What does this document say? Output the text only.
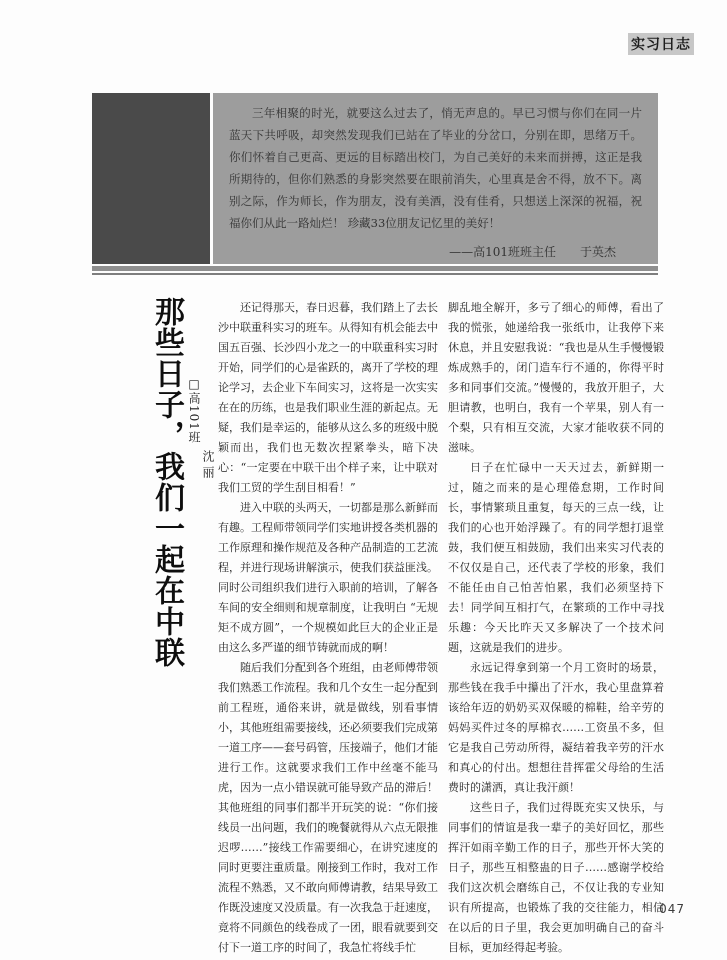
实习日志

三年相聚的时光，就要这么过去了，悄无声息的。早已习惯与你们在同一片蓝天下共呼吸，却突然发现我们已站在了毕业的分岔口，分别在即，思绪万千。你们怀着自己更高、更远的目标踏出校门，为自己美好的未来而拼搏，这正是我所期待的，但你们熟悉的身影突然要在眼前消失，心里真是舍不得，放不下。离别之际，作为师长，作为朋友，没有美酒，没有佳肴，只想送上深深的祝福，祝福你们从此一路灿烂！ 珍藏33位朋友记忆里的美好！

——高101班班主任　　于英杰

那些日子，我们一起在中联 □高101班
沈丽

还记得那天，春日迟暮，我们踏上了去长沙中联重科实习的班车。从得知有机会能去中国五百强、长沙四小龙之一的中联重科实习时开始，同学们的心是雀跃的，离开了学校的理论学习，去企业下车间实习，这将是一次实实在在的历练，也是我们职业生涯的新起点。无疑，我们是幸运的，能够从这么多的班级中脱颖而出，我们也无数次捏紧拳头，暗下决心：“一定要在中联干出个样子来，让中联对我们工贸的学生刮目相看！”

进入中联的头两天，一切都是那么新鲜而有趣。工程师带领同学们实地讲授各类机器的工作原理和操作规范及各种产品制造的工艺流程，并进行现场讲解演示，使我们获益匪浅。同时公司组织我们进行入职前的培训，了解各车间的安全细则和规章制度，让我明白 “无规矩不成方圆”，一个规模如此巨大的企业正是由这么多严谨的细节铸就而成的啊！

随后我们分配到各个班组，由老师傅带领我们熟悉工作流程。我和几个女生一起分配到前工程班，通俗来讲，就是做线，别看事情小，其他班组需要接线，还必须要我们完成第一道工序——套号码管，压接端子，他们才能进行工作。这就要求我们工作中丝毫不能马虎，因为一点小错误就可能导致产品的滞后！其他班组的同事们都半开玩笑的说：“你们接线员一出问题，我们的晚餐就得从六点无限推迟啰……”接线工作需要细心，在讲究速度的同时更要注重质量。刚接到工作时，我对工作流程不熟悉，又不敢向师傅请教，结果导致工作既没速度又没质量。有一次我急于赶速度，竟将不同颜色的线卷成了一团，眼看就要到交付下一道工序的时间了，我急忙将线手忙

脚乱地全解开，多亏了细心的师傅，看出了我的慌张，她递给我一张纸巾，让我停下来休息，并且安慰我说：“我也是从生手慢慢锻炼成熟手的，闭门造车行不通的，你得平时多和同事们交流。”慢慢的，我放开胆子，大胆请教，也明白，我有一个苹果，别人有一个梨，只有相互交流，大家才能收获不同的滋味。

日子在忙碌中一天天过去，新鲜期一过，随之而来的是心理倦怠期，工作时间长，事情繁琐且重复，每天的三点一线，让我们的心也开始浮躁了。有的同学想打退堂鼓，我们便互相鼓励，我们出来实习代表的不仅仅是自己，还代表了学校的形象，我们不能任由自己怕苦怕累，我们必须坚持下去！同学间互相打气，在繁琐的工作中寻找乐趣：今天比昨天又多解决了一个技术问题，这就是我们的进步。

永远记得拿到第一个月工资时的场景，那些钱在我手中攥出了汗水，我心里盘算着该给年迈的奶奶买双保暖的棉鞋，给辛劳的妈妈买件过冬的厚棉衣……工资虽不多，但它是我自己劳动所得，凝结着我辛劳的汗水和真心的付出。想想往昔挥霍父母给的生活费时的潇洒，真让我汗颜！

这些日子，我们过得既充实又快乐，与同事们的情谊是我一辈子的美好回忆，那些挥汗如雨辛勤工作的日子，那些开怀大笑的日子，那些互相整蛊的日子……感谢学校给我们这次机会磨练自己，不仅让我的专业知识有所提高，也锻炼了我的交往能力，相信在以后的日子里，我会更加明确自己的奋斗目标，更加经得起考验。

047
